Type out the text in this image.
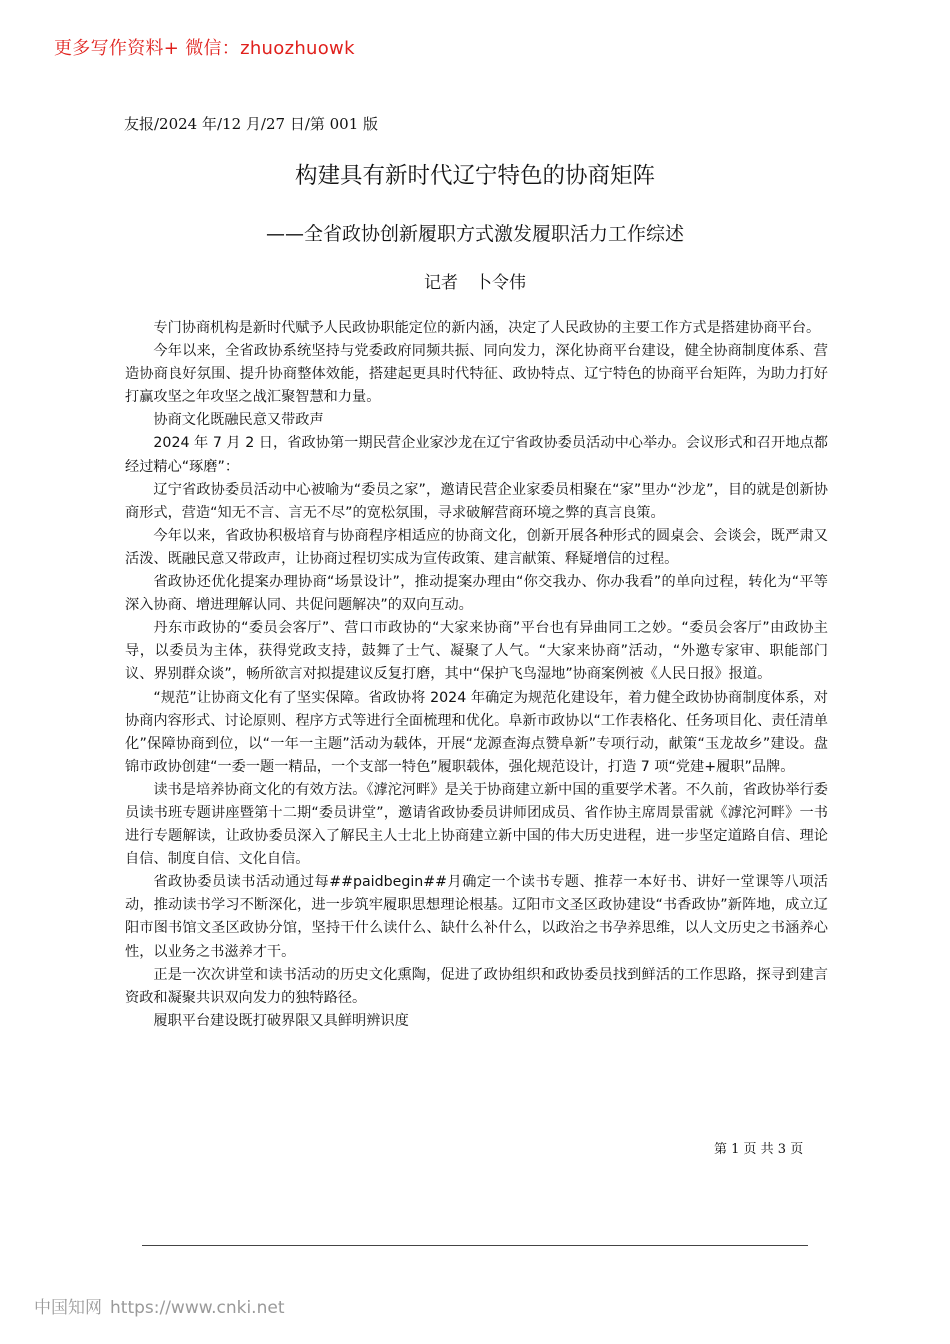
更多写作资料+ 微信：zhuozhuowk
友报/2024 年/12 月/27 日/第 001 版
构建具有新时代辽宁特色的协商矩阵
——全省政协创新履职方式激发履职活力工作综述
记者　卜令伟

专门协商机构是新时代赋予人民政协职能定位的新内涵，决定了人民政协的主要工作方式是搭建协商平台。

今年以来，全省政协系统坚持与党委政府同频共振、同向发力，深化协商平台建设，健全协商制度体系、营造协商良好氛围、提升协商整体效能，搭建起更具时代特征、政协特点、辽宁特色的协商平台矩阵，为助力打好打赢攻坚之年攻坚之战汇聚智慧和力量。

协商文化既融民意又带政声

2024 年 7 月 2 日，省政协第一期民营企业家沙龙在辽宁省政协委员活动中心举办。会议形式和召开地点都经过精心“琢磨”：

辽宁省政协委员活动中心被喻为“委员之家”，邀请民营企业家委员相聚在“家”里办“沙龙”，目的就是创新协商形式，营造“知无不言、言无不尽”的宽松氛围，寻求破解营商环境之弊的真言良策。

今年以来，省政协积极培育与协商程序相适应的协商文化，创新开展各种形式的圆桌会、会谈会，既严肃又活泼、既融民意又带政声，让协商过程切实成为宣传政策、建言献策、释疑增信的过程。

省政协还优化提案办理协商“场景设计”，推动提案办理由“你交我办、你办我看”的单向过程，转化为“平等深入协商、增进理解认同、共促问题解决”的双向互动。

丹东市政协的“委员会客厅”、营口市政协的“大家来协商”平台也有异曲同工之妙。“委员会客厅”由政协主导，以委员为主体，获得党政支持，鼓舞了士气、凝聚了人气。“大家来协商”活动，“外邀专家审、职能部门议、界别群众谈”，畅所欲言对拟提建议反复打磨，其中“保护飞鸟湿地”协商案例被《人民日报》报道。

“规范”让协商文化有了坚实保障。省政协将 2024 年确定为规范化建设年，着力健全政协协商制度体系，对协商内容形式、讨论原则、程序方式等进行全面梳理和优化。阜新市政协以“工作表格化、任务项目化、责任清单化”保障协商到位，以“一年一主题”活动为载体，开展“龙源查海点赞阜新”专项行动，献策“玉龙故乡”建设。盘锦市政协创建“一委一题一精品，一个支部一特色”履职载体，强化规范设计，打造 7 项“党建+履职”品牌。

读书是培养协商文化的有效方法。《滹沱河畔》是关于协商建立新中国的重要学术著。不久前，省政协举行委员读书班专题讲座暨第十二期“委员讲堂”，邀请省政协委员讲师团成员、省作协主席周景雷就《滹沱河畔》一书进行专题解读，让政协委员深入了解民主人士北上协商建立新中国的伟大历史进程，进一步坚定道路自信、理论自信、制度自信、文化自信。

省政协委员读书活动通过每##paidbegin##月确定一个读书专题、推荐一本好书、讲好一堂课等八项活动，推动读书学习不断深化，进一步筑牢履职思想理论根基。辽阳市文圣区政协建设“书香政协”新阵地，成立辽阳市图书馆文圣区政协分馆，坚持干什么读什么、缺什么补什么，以政治之书孕养思维，以人文历史之书涵养心性，以业务之书滋养才干。

正是一次次讲堂和读书活动的历史文化熏陶，促进了政协组织和政协委员找到鲜活的工作思路，探寻到建言资政和凝聚共识双向发力的独特路径。

履职平台建设既打破界限又具鲜明辨识度

第 1 页 共 3 页
中国知网 https://www.cnki.net
